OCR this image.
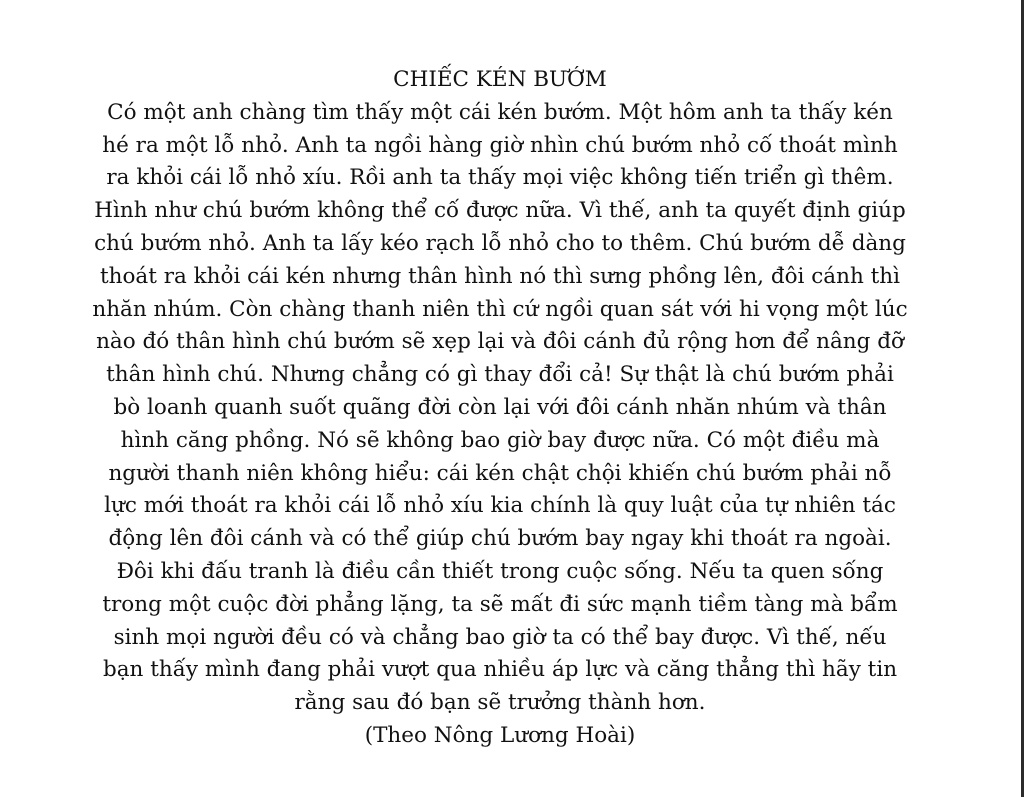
CHIẾC KÉN BƯỚM
Có một anh chàng tìm thấy một cái kén bướm. Một hôm anh ta thấy kén
hé ra một lỗ nhỏ. Anh ta ngồi hàng giờ nhìn chú bướm nhỏ cố thoát mình
ra khỏi cái lỗ nhỏ xíu. Rồi anh ta thấy mọi việc không tiến triển gì thêm.
Hình như chú bướm không thể cố được nữa. Vì thế, anh ta quyết định giúp
chú bướm nhỏ. Anh ta lấy kéo rạch lỗ nhỏ cho to thêm. Chú bướm dễ dàng
thoát ra khỏi cái kén nhưng thân hình nó thì sưng phồng lên, đôi cánh thì
nhăn nhúm. Còn chàng thanh niên thì cứ ngồi quan sát với hi vọng một lúc
nào đó thân hình chú bướm sẽ xẹp lại và đôi cánh đủ rộng hơn để nâng đỡ
thân hình chú. Nhưng chẳng có gì thay đổi cả! Sự thật là chú bướm phải
bò loanh quanh suốt quãng đời còn lại với đôi cánh nhăn nhúm và thân
hình căng phồng. Nó sẽ không bao giờ bay được nữa. Có một điều mà
người thanh niên không hiểu: cái kén chật chội khiến chú bướm phải nỗ
lực mới thoát ra khỏi cái lỗ nhỏ xíu kia chính là quy luật của tự nhiên tác
động lên đôi cánh và có thể giúp chú bướm bay ngay khi thoát ra ngoài.
Đôi khi đấu tranh là điều cần thiết trong cuộc sống. Nếu ta quen sống
trong một cuộc đời phẳng lặng, ta sẽ mất đi sức mạnh tiềm tàng mà bẩm
sinh mọi người đều có và chẳng bao giờ ta có thể bay được. Vì thế, nếu
bạn thấy mình đang phải vượt qua nhiều áp lực và căng thẳng thì hãy tin
rằng sau đó bạn sẽ trưởng thành hơn.
(Theo Nông Lương Hoài)
